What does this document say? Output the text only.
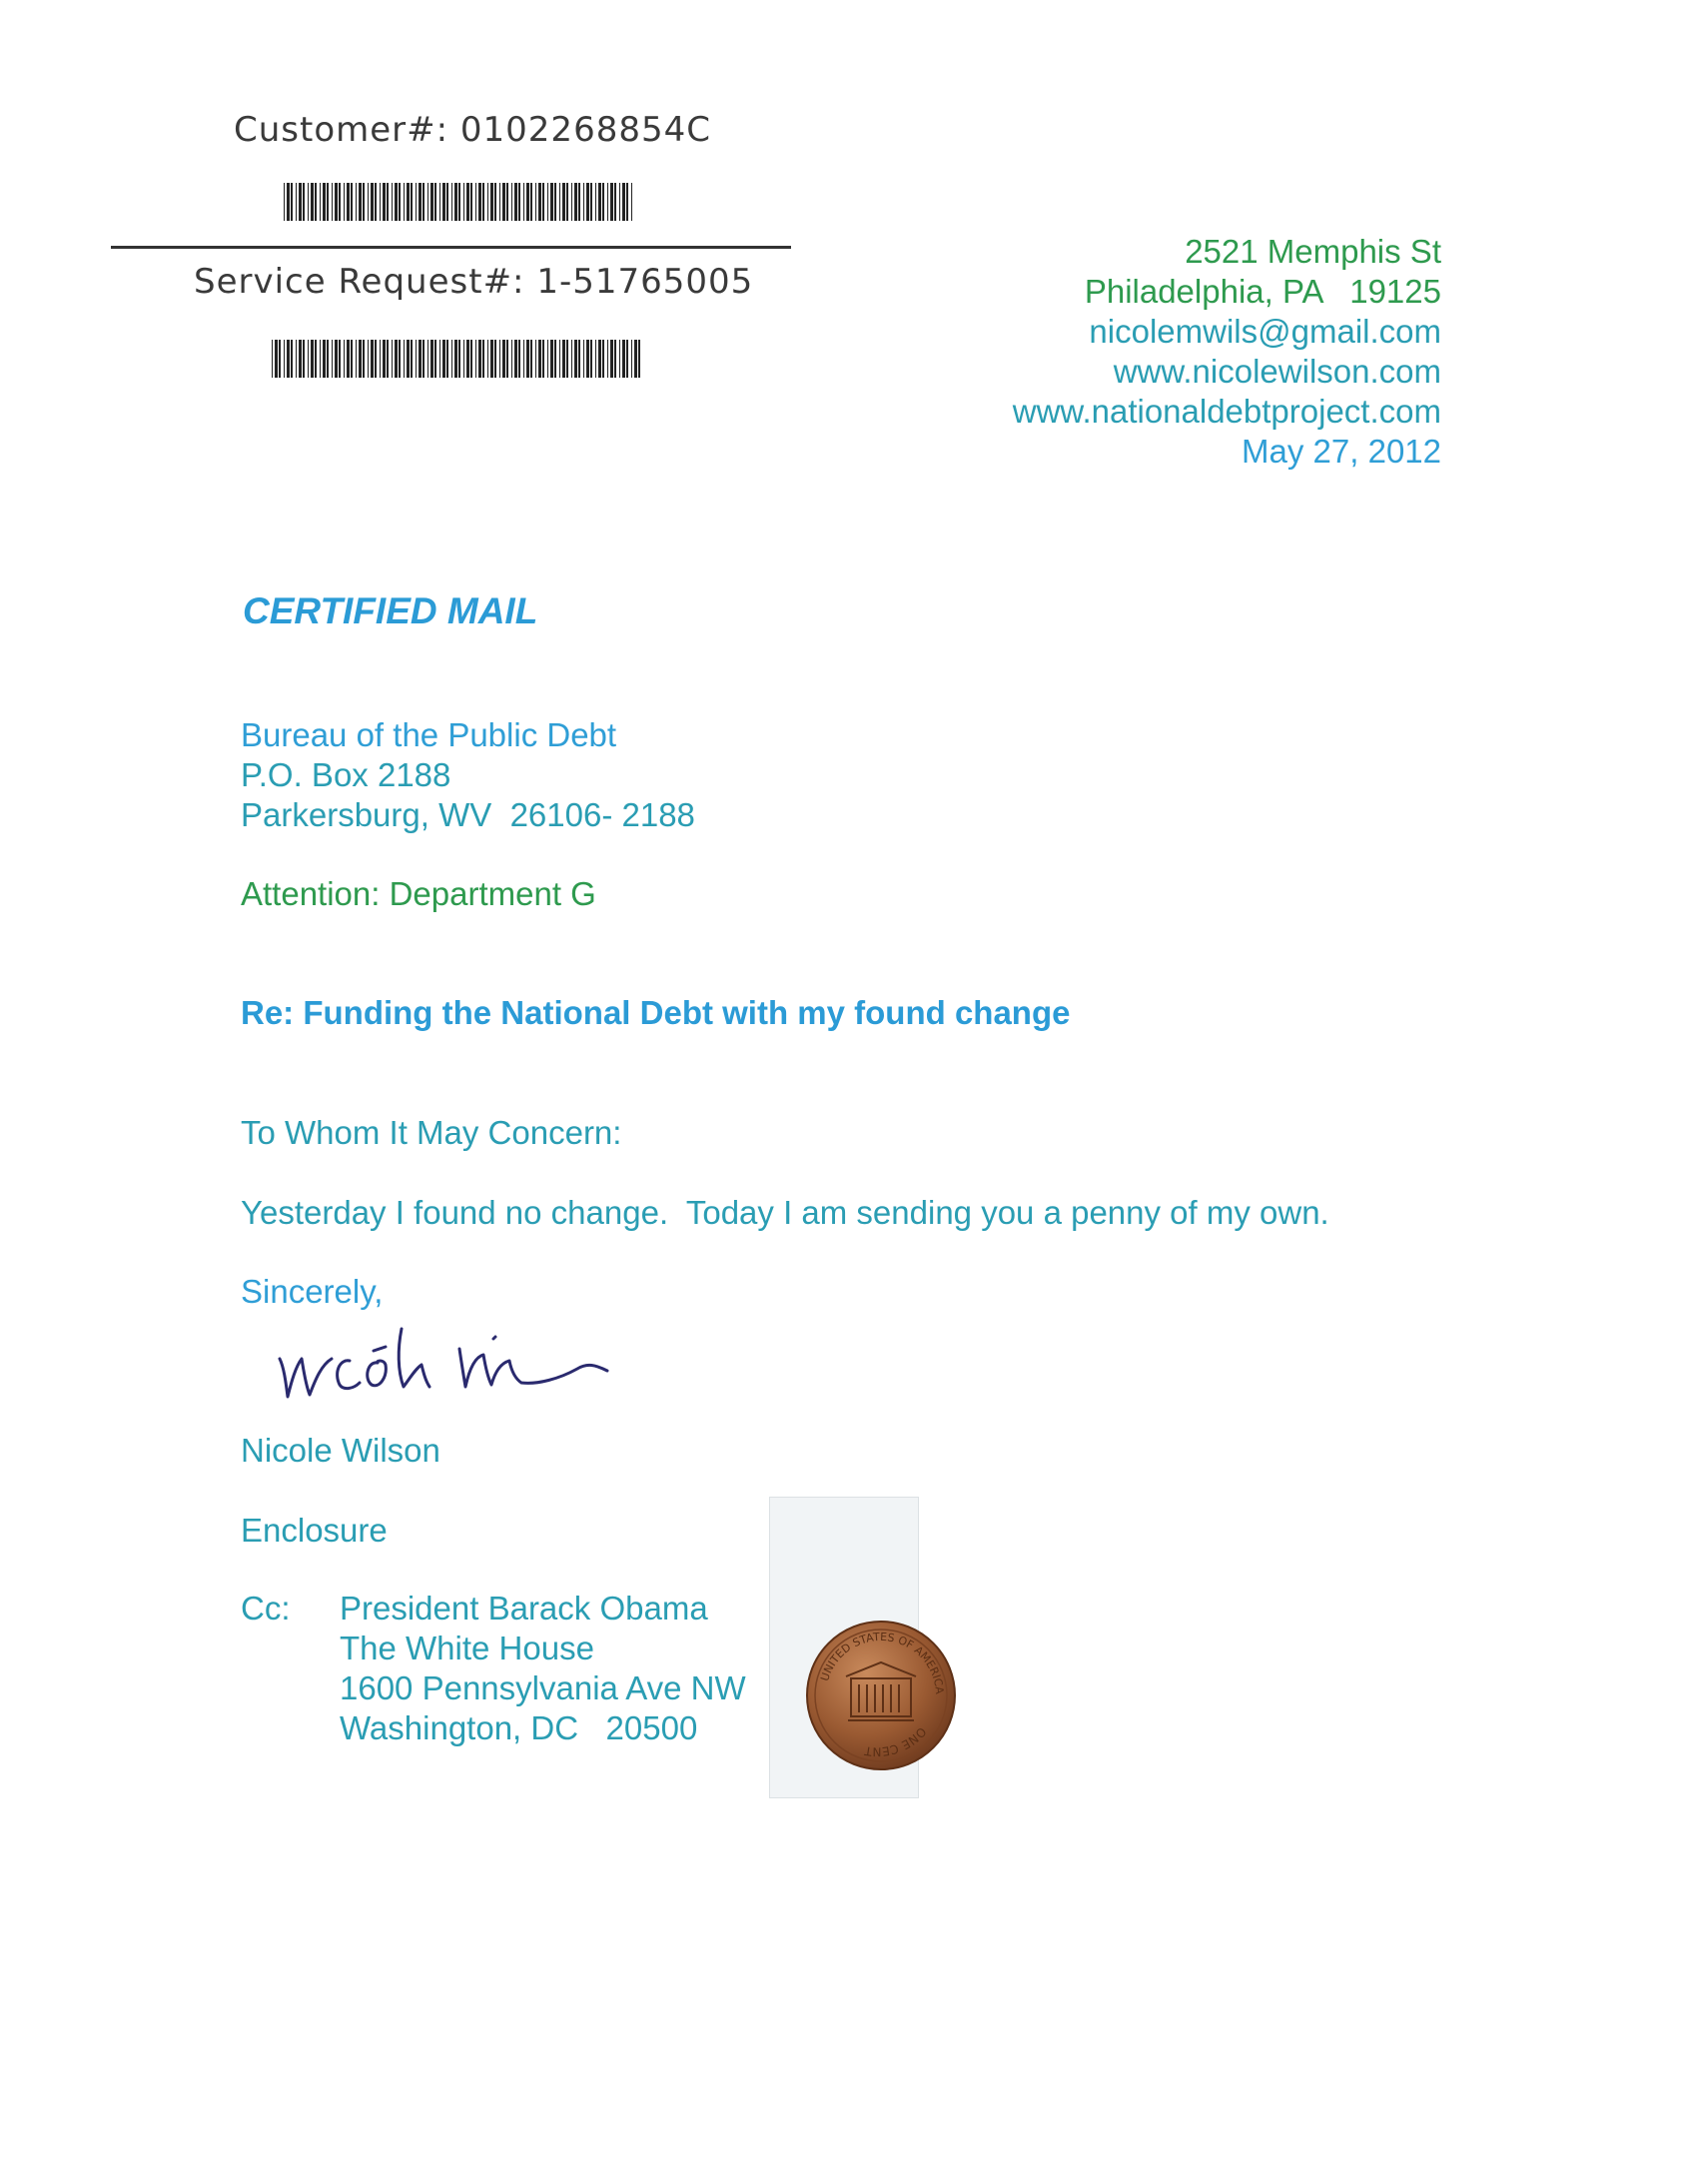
Customer#: 0102268854C
Service Request#: 1-51765005
2521 Memphis St
Philadelphia, PA   19125
nicolemwils@gmail.com
www.nicolewilson.com
www.nationaldebtproject.com
May 27, 2012
CERTIFIED MAIL
Bureau of the Public Debt
P.O. Box 2188
Parkersburg, WV  26106- 2188
Attention: Department G
Re: Funding the National Debt with my found change
To Whom It May Concern:
Yesterday I found no change.  Today I am sending you a penny of my own.
Sincerely,
Nicole Wilson
Enclosure
Cc: President Barack Obama
The White House
1600 Pennsylvania Ave NW
Washington, DC   20500
UNITED STATES OF AMERICA
ONE CENT
